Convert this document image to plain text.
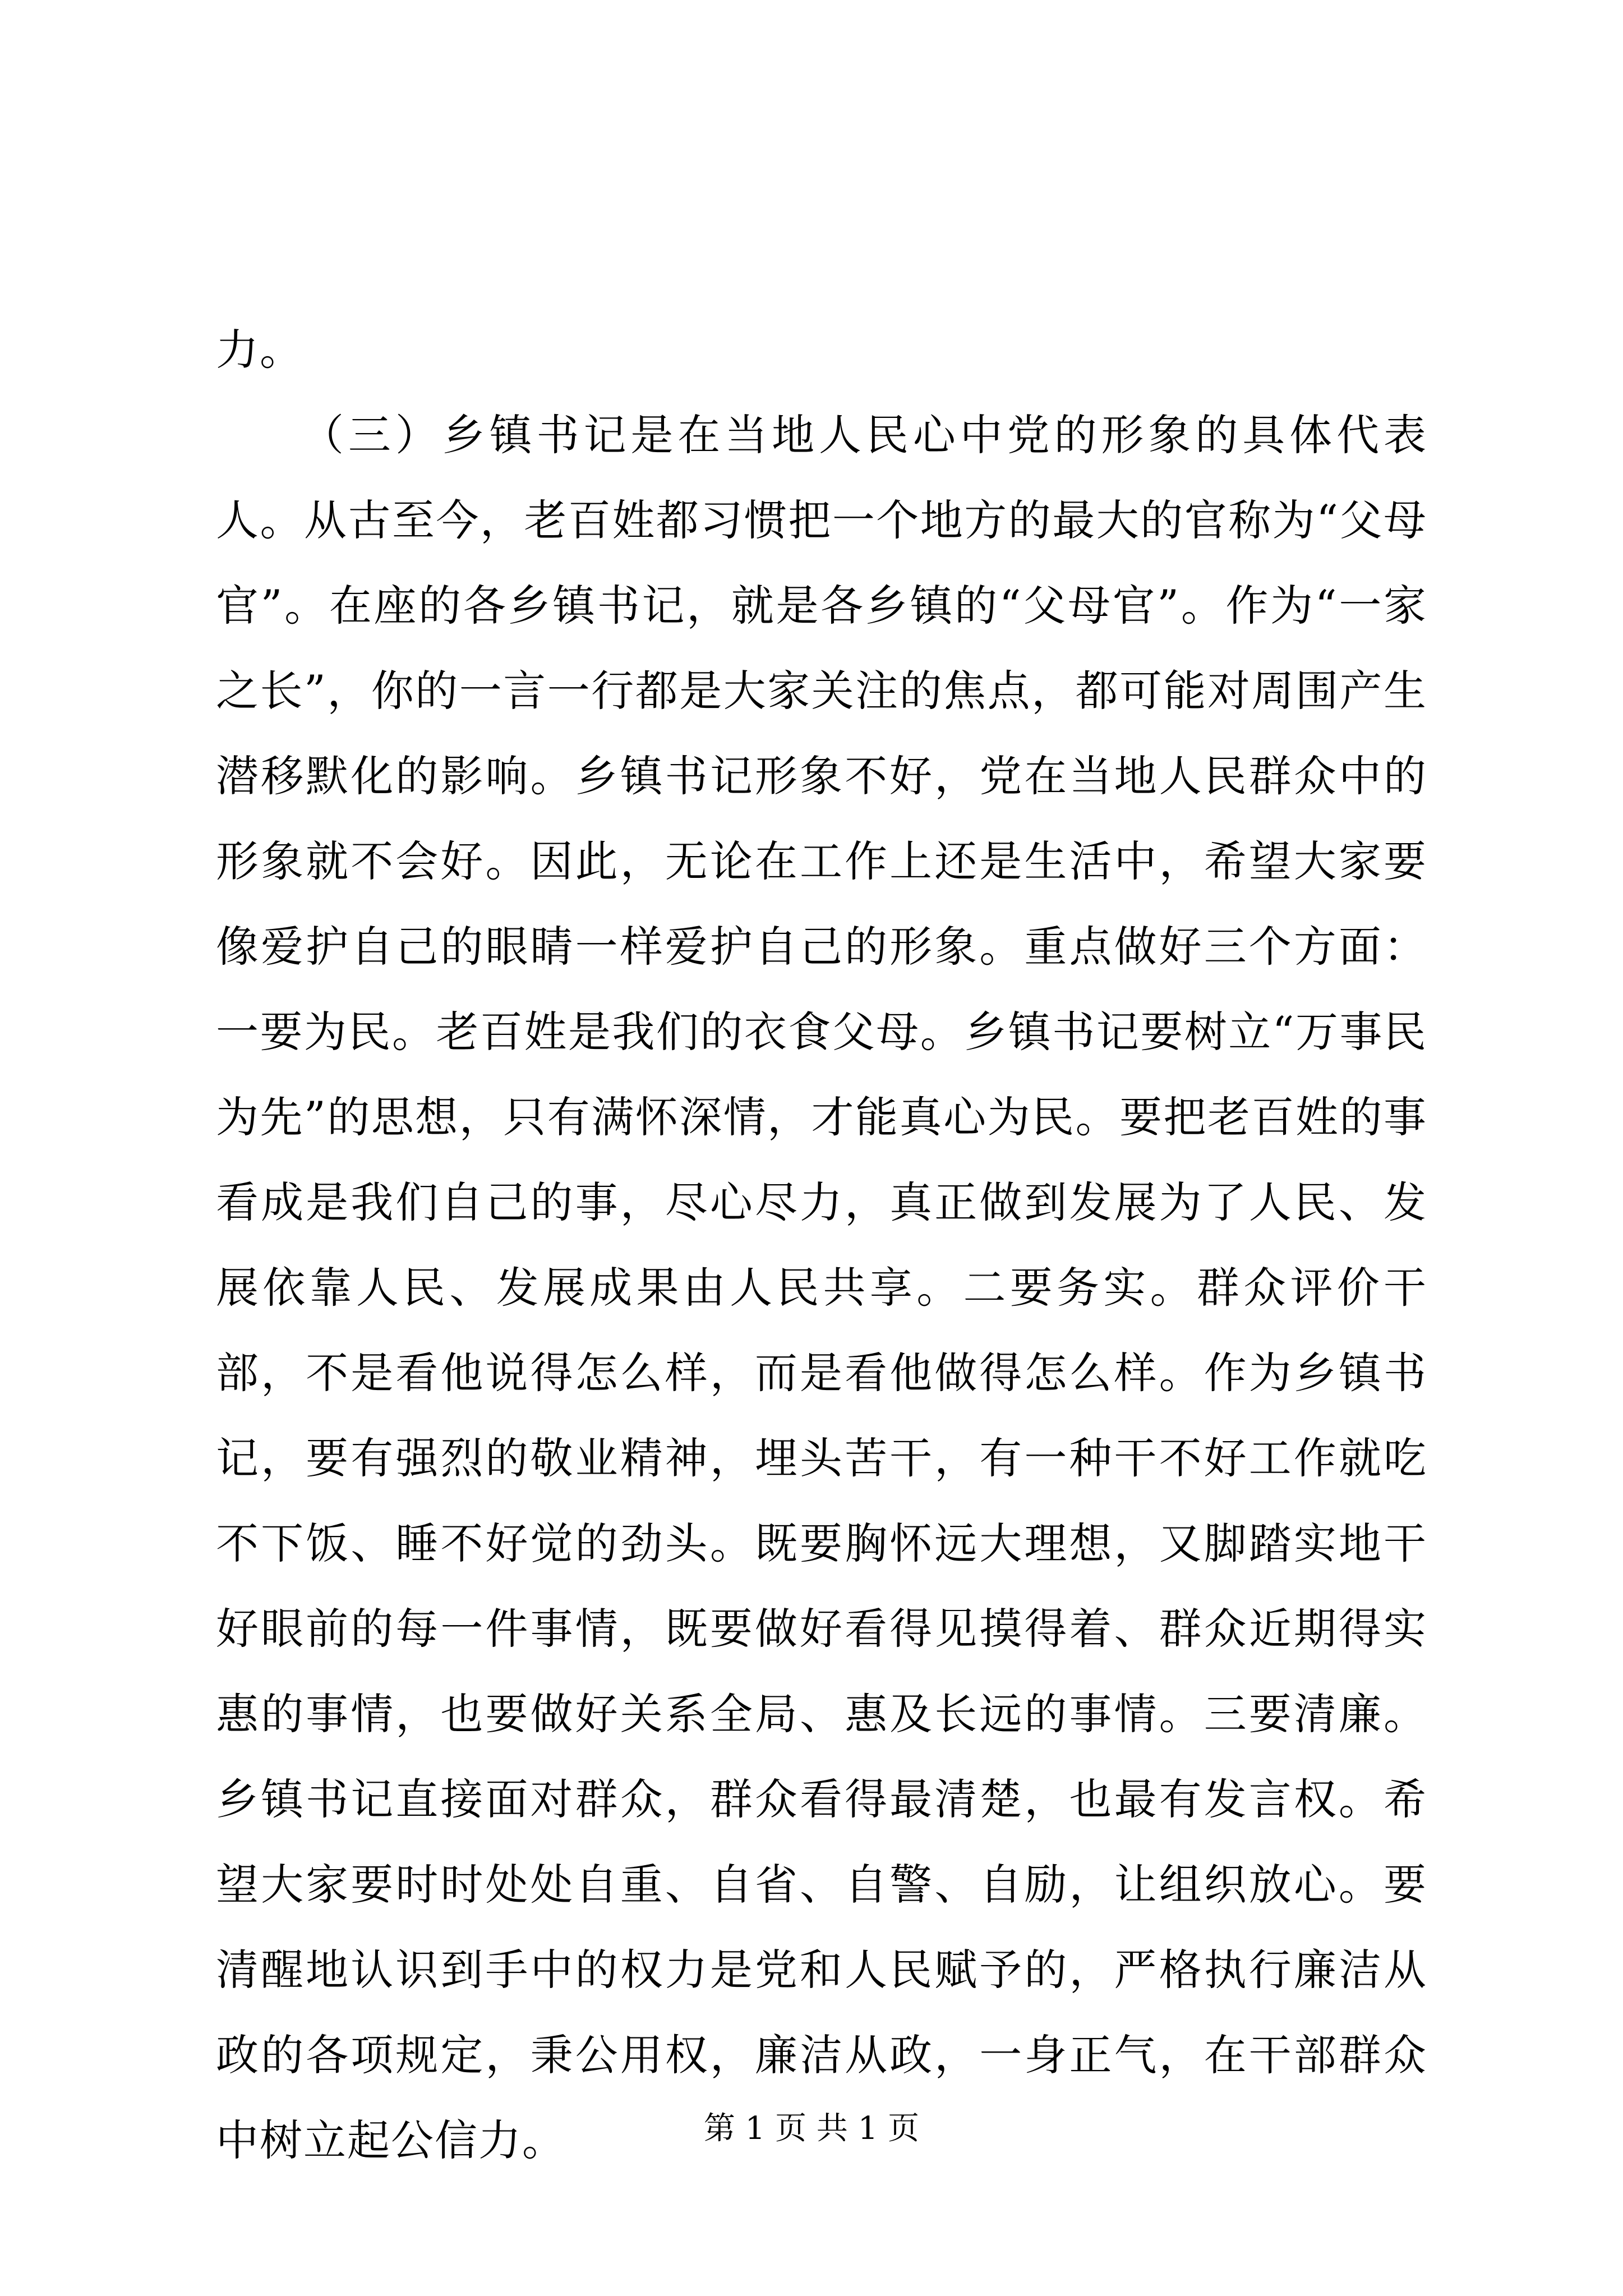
力。

（三）乡镇书记是在当地人民心中党的形象的具体代表人。从古至今，老百姓都习惯把一个地方的最大的官称为“父母官”。在座的各乡镇书记，就是各乡镇的“父母官”。作为“一家之长”，你的一言一行都是大家关注的焦点，都可能对周围产生潜移默化的影响。乡镇书记形象不好，党在当地人民群众中的形象就不会好。因此，无论在工作上还是生活中，希望大家要像爱护自己的眼睛一样爱护自己的形象。重点做好三个方面：一要为民。老百姓是我们的衣食父母。乡镇书记要树立“万事民为先”的思想，只有满怀深情，才能真心为民。要把老百姓的事看成是我们自己的事，尽心尽力，真正做到发展为了人民、发展依靠人民、发展成果由人民共享。二要务实。群众评价干部，不是看他说得怎么样，而是看他做得怎么样。作为乡镇书记，要有强烈的敬业精神，埋头苦干，有一种干不好工作就吃不下饭、睡不好觉的劲头。既要胸怀远大理想，又脚踏实地干好眼前的每一件事情，既要做好看得见摸得着、群众近期得实惠的事情，也要做好关系全局、惠及长远的事情。三要清廉。乡镇书记直接面对群众，群众看得最清楚，也最有发言权。希望大家要时时处处自重、自省、自警、自励，让组织放心。要清醒地认识到手中的权力是党和人民赋予的，严格执行廉洁从政的各项规定，秉公用权，廉洁从政，一身正气，在干部群众中树立起公信力。	第 1 页 共 1 页
